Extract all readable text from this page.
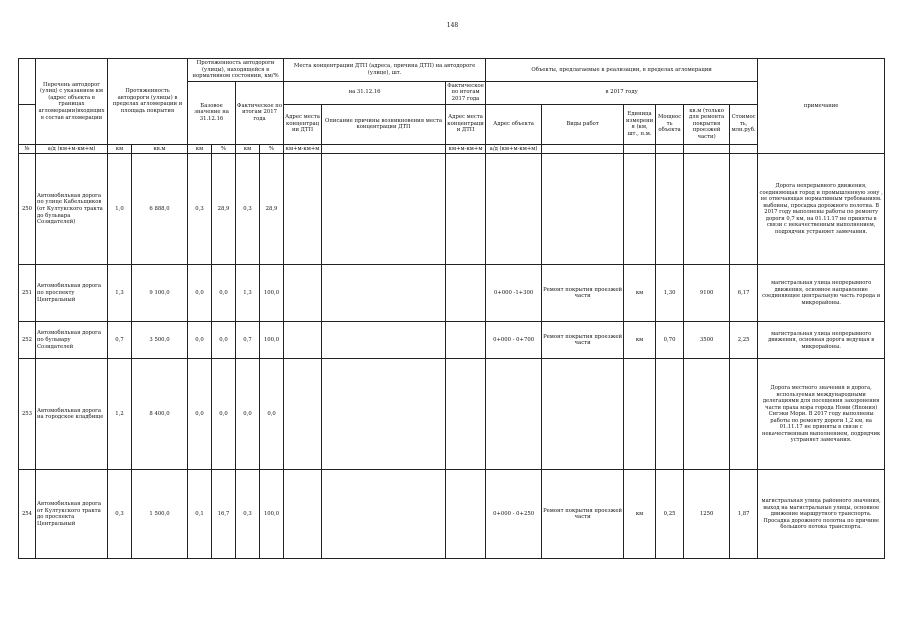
148
	Перечень автодорог (улиц) с указанием км (адрес объекта в границах агломерации)входящих в состав агломерации	Протяженность автодороги (улицы) в пределах агломерации и площадь покрытия		Протяженность автодороги (улицы), находящейся в нормативном состоянии, км/%				Места концентрации ДТП (адреса, причина ДТП) на автодороге (улице), шт.			Объекты, предлагаемые к реализации, в пределах агломерации						примечание

				Базовое значение на 31.12.16		Фактическое по итогам 2017 года		на 31.12.16		Фактическое по итогам 2017 года	в 2017 году						
								Адрес места концентрации ДТП	Описание причины возникновения места концентрации ДТП	Адрес места концентрации ДТП	Адрес объекта	Виды работ	Единица измерения (км, шт., п.м.	Мощность объекта	кв.м (только для ремонта покрытия проезжей части)	Стоимость, млн.руб.	
№	а/д (км+м-км+м)	км	кв.м	км	%	км	%	км+м-км+м		км+м-км+м	а/д (км+м-км+м)						
250	Автомобильная дорога по улице Кабельщиков (от Култукского тракта до бульвара Созидателей)	1,0	6 888,0	0,3	28,9	0,3	28,9										Дорога непрерывного движения, соединяющая город и промышленную зону , не отвечающая нормативным требованиям. выбоины, просадка дорожного полотна. В 2017 году выполнены работы по ремонту дороги 0,7 км, на 01.11.17 не приняты в связи с некачественным выполнением, подрядчик устраняет замечания.
251	Автомобильная дорога по проспекту Центральный	1,3	9 100,0	0,0	0,0	1,3	100,0				0+000 -1+300	Ремонт покрытия проезжей части	км	1,30	9100	6,17	магистральная улица непрерывного движения, основное направление соединяющее центральную часть города и микрорайоны.
252	Автомобильная дорога по бульвару Созидателей	0,7	3 500,0	0,0	0,0	0,7	100,0				0+000 - 0+700	Ремонт покрытия проезжей части	км	0,70	3500	2,25	магистральная улица непрерывного движения, основная дорога ведущая в микрорайоны.
253	Автомобильная дорога на городское кладбище	1,2	8 400,0	0,0	0,0	0,0	0,0										Дорога местного значения и дорога, используемая международными делегациями для посещения захоронения чаcти праха мэра города Номи (Япония) Сигэки Мори. В 2017 году выполнены работы по ремонту дороги 1,2 км, на 01.11.17 не приняты в связи с некачественным выполнением, подрядчик устраняет замечания.
254	Автомобильная дорога от Култукского тракта до проспекта Центральный	0,3	1 500,0	0,1	16,7	0,3	100,0				0+000 - 0+250	Ремонт покрытия проезжей части	км	0,25	1250	1,87	магистральная улица районного значения, выход на магистральные улицы, основное движение маршрутного транспорта. Просадка дорожного полотна по причине большого потока транспорта.
